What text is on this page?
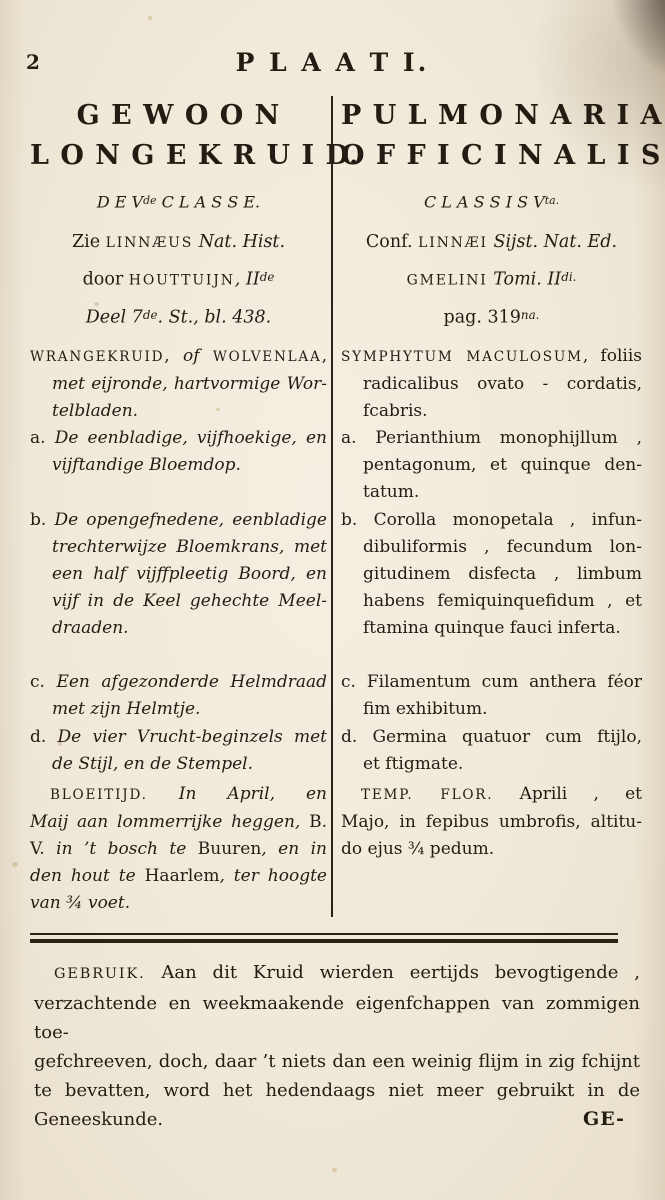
2	P L A A T I.
G E W O O N
L O N G E K R U I D.
D E Vde C L A S S E.
Zie LINNÆUS Nat. Hist.
door HOUTTUIJN, IIde
Deel 7de. St., bl. 438.
WRANGEKRUID, of WOLVENLAA,
met eijronde, hartvormige Wor-
telbladen.
a. De eenbladige, vijfhoekige, en
vijftandige Bloemdop.
b. De opengefnedene, eenbladige
trechterwijze Bloemkrans, met
een half vijffpleetig Boord, en
vijf in de Keel gehechte Meel-
draaden.
c. Een afgezonderde Helmdraad
met zijn Helmtje.
d. De vier Vrucht-beginzels met
de Stijl, en de Stempel.
BLOEITIJD. In April, en
Maij aan lommerrijke heggen, B.
V. in ’t bosch te Buuren, en in
den hout te Haarlem, ter hoogte
van ¾ voet.
P U L M O N A R I A
O F F I C I N A L I S
C L A S S I S $V^{ta.}$
Conf. LINNÆI Sijst. Nat. Ed.
GMELINI Tomi. $II^{di.}$
pag. $319^{na.}$
SYMPHYTUM MACULOSUM, foliis
radicalibus ovato - cordatis,
fcabris.
a. Perianthium monophijllum ,
pentagonum, et quinque den-
tatum.
b. Corolla monopetala , infun-
dibuliformis , fecundum lon-
gitudinem disfecta , limbum
habens femiquinquefidum , et
ftamina quinque fauci inferta.
c. Filamentum cum anthera féor
fim exhibitum.
d. Germina quatuor cum ftijlo,
et ftigmate.
TEMP. FLOR. Aprili , et
Majo, in fepibus umbrofis, altitu-
do ejus ¾ pedum.
GEBRUIK. Aan dit Kruid wierden eertijds bevogtigende ,
verzachtende en weekmaakende eigenfchappen van zommigen toe-
gefchreeven, doch, daar ’t niets dan een weinig flijm in zig fchijnt
te bevatten, word het hedendaags niet meer gebruikt in de
Geneeskunde.	GE-
